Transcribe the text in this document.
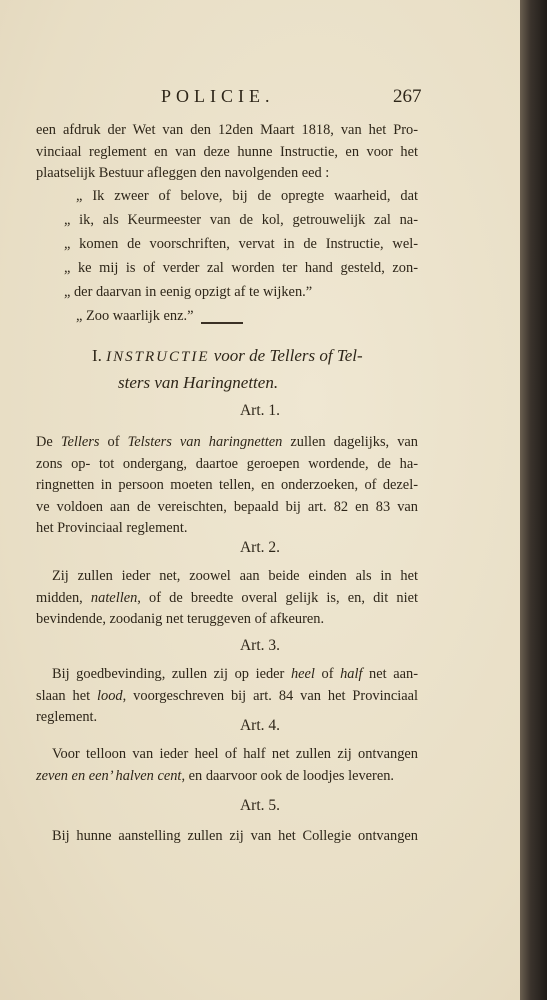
POLICIE.	267
een afdruk der Wet van den 12den Maart 1818, van het Pro-
vinciaal reglement en van deze hunne Instructie, en voor het
plaatselijk Bestuur afleggen den navolgenden eed :
„ Ik zweer of belove, bij de opregte waarheid, dat
„ ik, als Keurmeester van de kol, getrouwelijk zal na-
„ komen de voorschriften, vervat in de Instructie, wel-
„ ke mij is of verder zal worden ter hand gesteld, zon-
„ der daarvan in eenig opzigt af te wijken.”
„ Zoo waarlijk enz.”
I. INSTRUCTIE voor de Tellers of Tel-
sters van Haringnetten.
Art. 1.
De Tellers of Telsters van haringnetten zullen dagelijks, van
zons op- tot ondergang, daartoe geroepen wordende, de ha-
ringnetten in persoon moeten tellen, en onderzoeken, of dezel-
ve voldoen aan de vereischten, bepaald bij art. 82 en 83 van
het Provinciaal reglement.
Art. 2.
Zij zullen ieder net, zoowel aan beide einden als in het
midden, natellen, of de breedte overal gelijk is, en, dit niet
bevindende, zoodanig net teruggeven of afkeuren.
Art. 3.
Bij goedbevinding, zullen zij op ieder heel of half net aan-
slaan het lood, voorgeschreven bij art. 84 van het Provinciaal
reglement.	Art. 4.
Voor telloon van ieder heel of half net zullen zij ontvangen
zeven en een’ halven cent, en daarvoor ook de loodjes leveren.
Art. 5.
Bij hunne aanstelling zullen zij van het Collegie ontvangen
